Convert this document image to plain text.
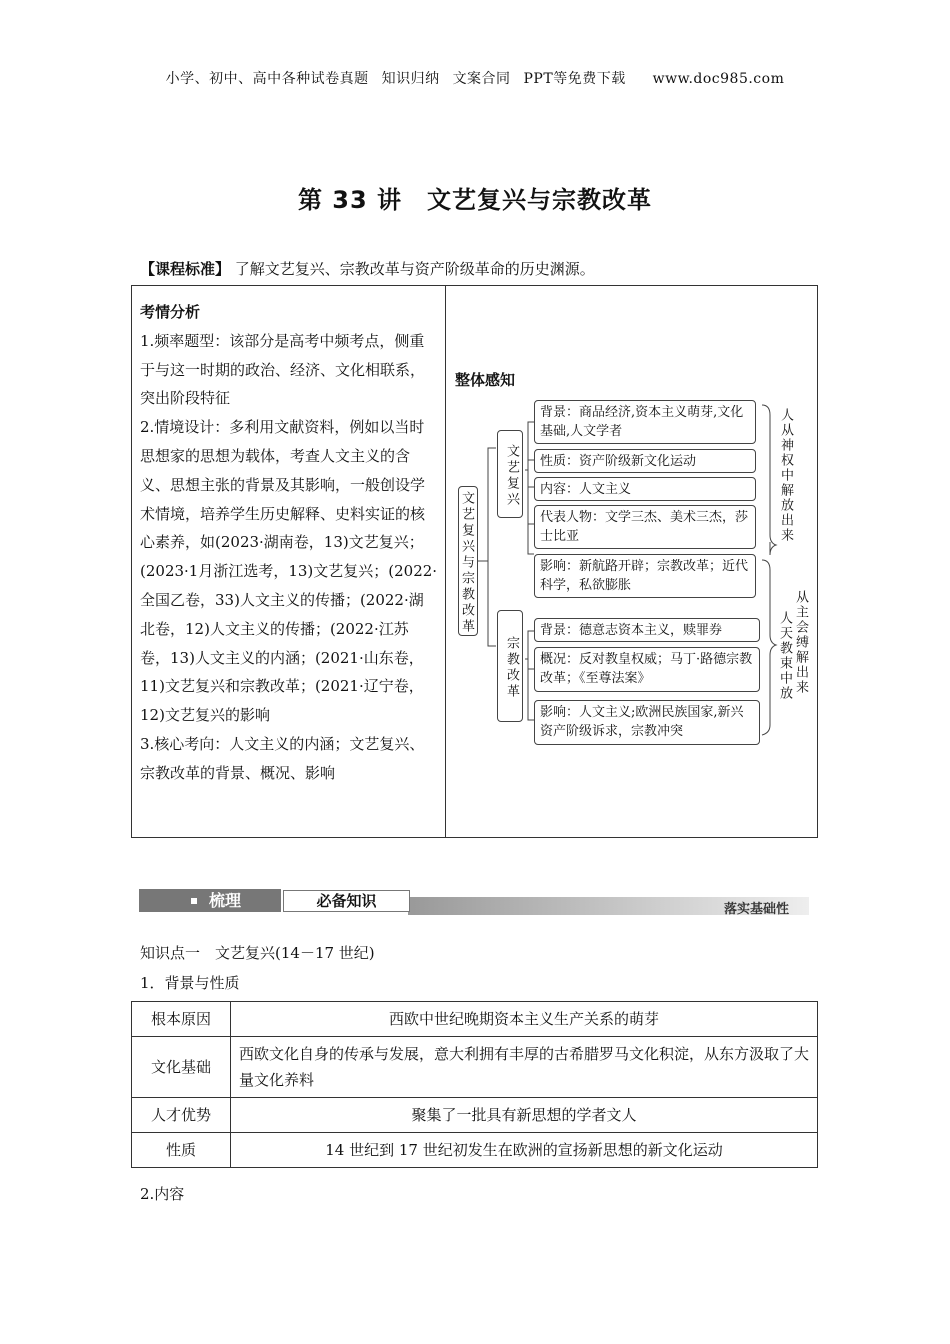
小学、初中、高中各种试卷真题 知识归纳 文案合同 PPT等免费下载 www.doc985.com
第 33 讲　文艺复兴与宗教改革
【课程标准】 了解文艺复兴、宗教改革与资产阶级革命的历史渊源。
考情分析
1.频率题型：该部分是高考中频考点，侧重于与这一时期的政治、经济、文化相联系，突出阶段特征
2.情境设计：多利用文献资料，例如以当时思想家的思想为载体，考查人文主义的含义、思想主张的背景及其影响，一般创设学术情境，培养学生历史解释、史料实证的核心素养，如(2023·湖南卷，13)文艺复兴；(2023·1月浙江选考，13)文艺复兴；(2022·全国乙卷，33)人文主义的传播；(2022·湖北卷，12)人文主义的传播；(2022·江苏卷，13)人文主义的内涵；(2021·山东卷，11)文艺复兴和宗教改革；(2021·辽宁卷，12)文艺复兴的影响
3.核心考向：人文主义的内涵；文艺复兴、宗教改革的背景、概况、影响
整体感知
文艺复兴与宗教改革
文艺复兴
背景：商品经济,资本主义萌芽,文化基础,人文学者
性质：资产阶级新文化运动
内容：人文主义
代表人物：文学三杰、美术三杰，莎士比亚
影响：新航路开辟；宗教改革；近代科学，私欲膨胀
人从神权中解放出来
宗教改革
背景：德意志资本主义，赎罪券
概况：反对教皇权威；马丁·路德宗教改革；《至尊法案》
影响：人文主义;欧洲民族国家,新兴资产阶级诉求，宗教冲突
从主会缚解出来
人天教束中放
梳理	必备知识	落实基础性
知识点一　文艺复兴(14－17 世纪)
1．背景与性质
根本原因	西欧中世纪晚期资本主义生产关系的萌芽
文化基础	西欧文化自身的传承与发展，意大利拥有丰厚的古希腊罗马文化积淀，从东方汲取了大量文化养料
人才优势	聚集了一批具有新思想的学者文人
性质	14 世纪到 17 世纪初发生在欧洲的宣扬新思想的新文化运动
2.内容
